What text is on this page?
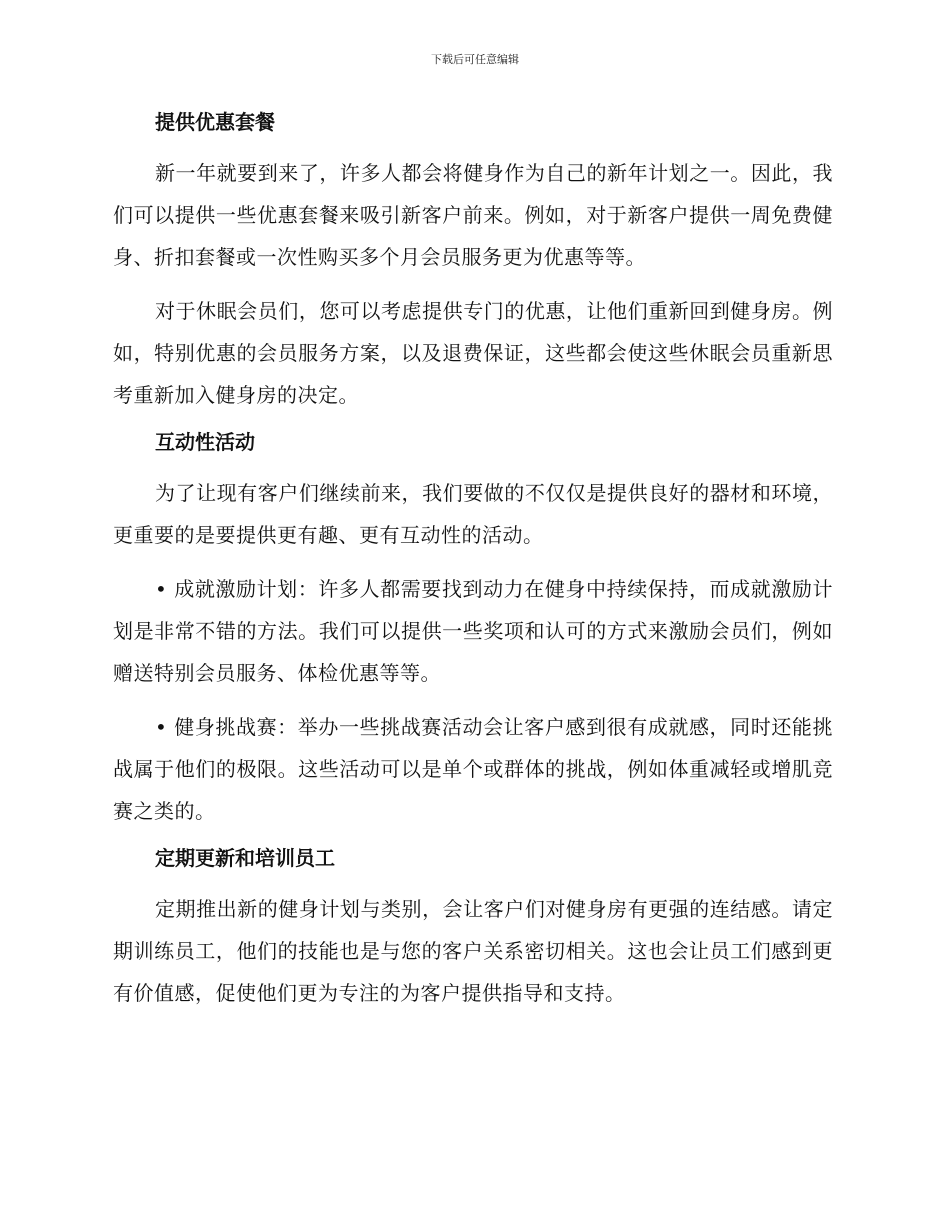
下载后可任意编辑
提供优惠套餐

新一年就要到来了，许多人都会将健身作为自己的新年计划之一。因此，我们可以提供一些优惠套餐来吸引新客户前来。例如，对于新客户提供一周免费健身、折扣套餐或一次性购买多个月会员服务更为优惠等等。

对于休眠会员们，您可以考虑提供专门的优惠，让他们重新回到健身房。例如，特别优惠的会员服务方案，以及退费保证，这些都会使这些休眠会员重新思考重新加入健身房的决定。

互动性活动

为了让现有客户们继续前来，我们要做的不仅仅是提供良好的器材和环境，更重要的是要提供更有趣、更有互动性的活动。

• 成就激励计划：许多人都需要找到动力在健身中持续保持，而成就激励计划是非常不错的方法。我们可以提供一些奖项和认可的方式来激励会员们，例如赠送特别会员服务、体检优惠等等。

• 健身挑战赛：举办一些挑战赛活动会让客户感到很有成就感，同时还能挑战属于他们的极限。这些活动可以是单个或群体的挑战，例如体重减轻或增肌竞赛之类的。

定期更新和培训员工

定期推出新的健身计划与类别，会让客户们对健身房有更强的连结感。请定期训练员工，他们的技能也是与您的客户关系密切相关。这也会让员工们感到更有价值感，促使他们更为专注的为客户提供指导和支持。
